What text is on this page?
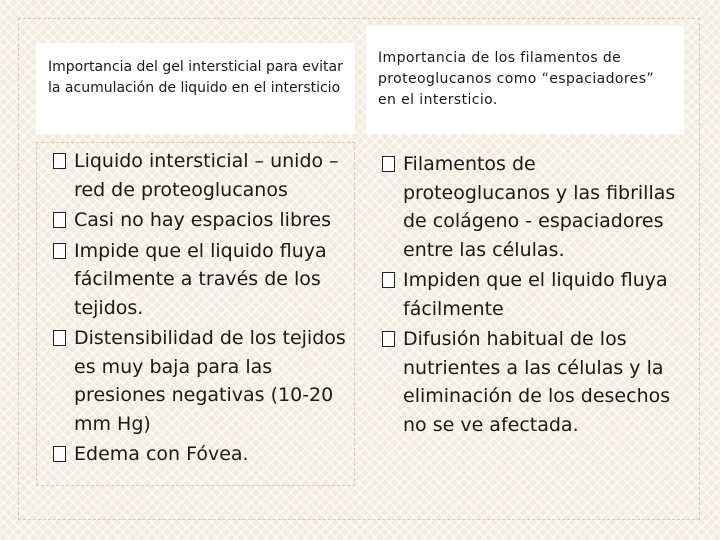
Importancia del gel intersticial para evitar la acumulación de liquido en el intersticio
Importancia de los filamentos de proteoglucanos como “espaciadores” en el intersticio.
Liquido intersticial – unido – red de proteoglucanos
Casi no hay espacios libres
Impide que el liquido fluya fácilmente a través de los tejidos.
Distensibilidad de los tejidos es muy baja para las presiones negativas (10-20 mm Hg)
Edema con Fóvea.
Filamentos de proteoglucanos y las fibrillas de colágeno - espaciadores entre las células.
Impiden que el liquido fluya fácilmente
Difusión habitual de los nutrientes a las células y la eliminación de los desechos no se ve afectada.
